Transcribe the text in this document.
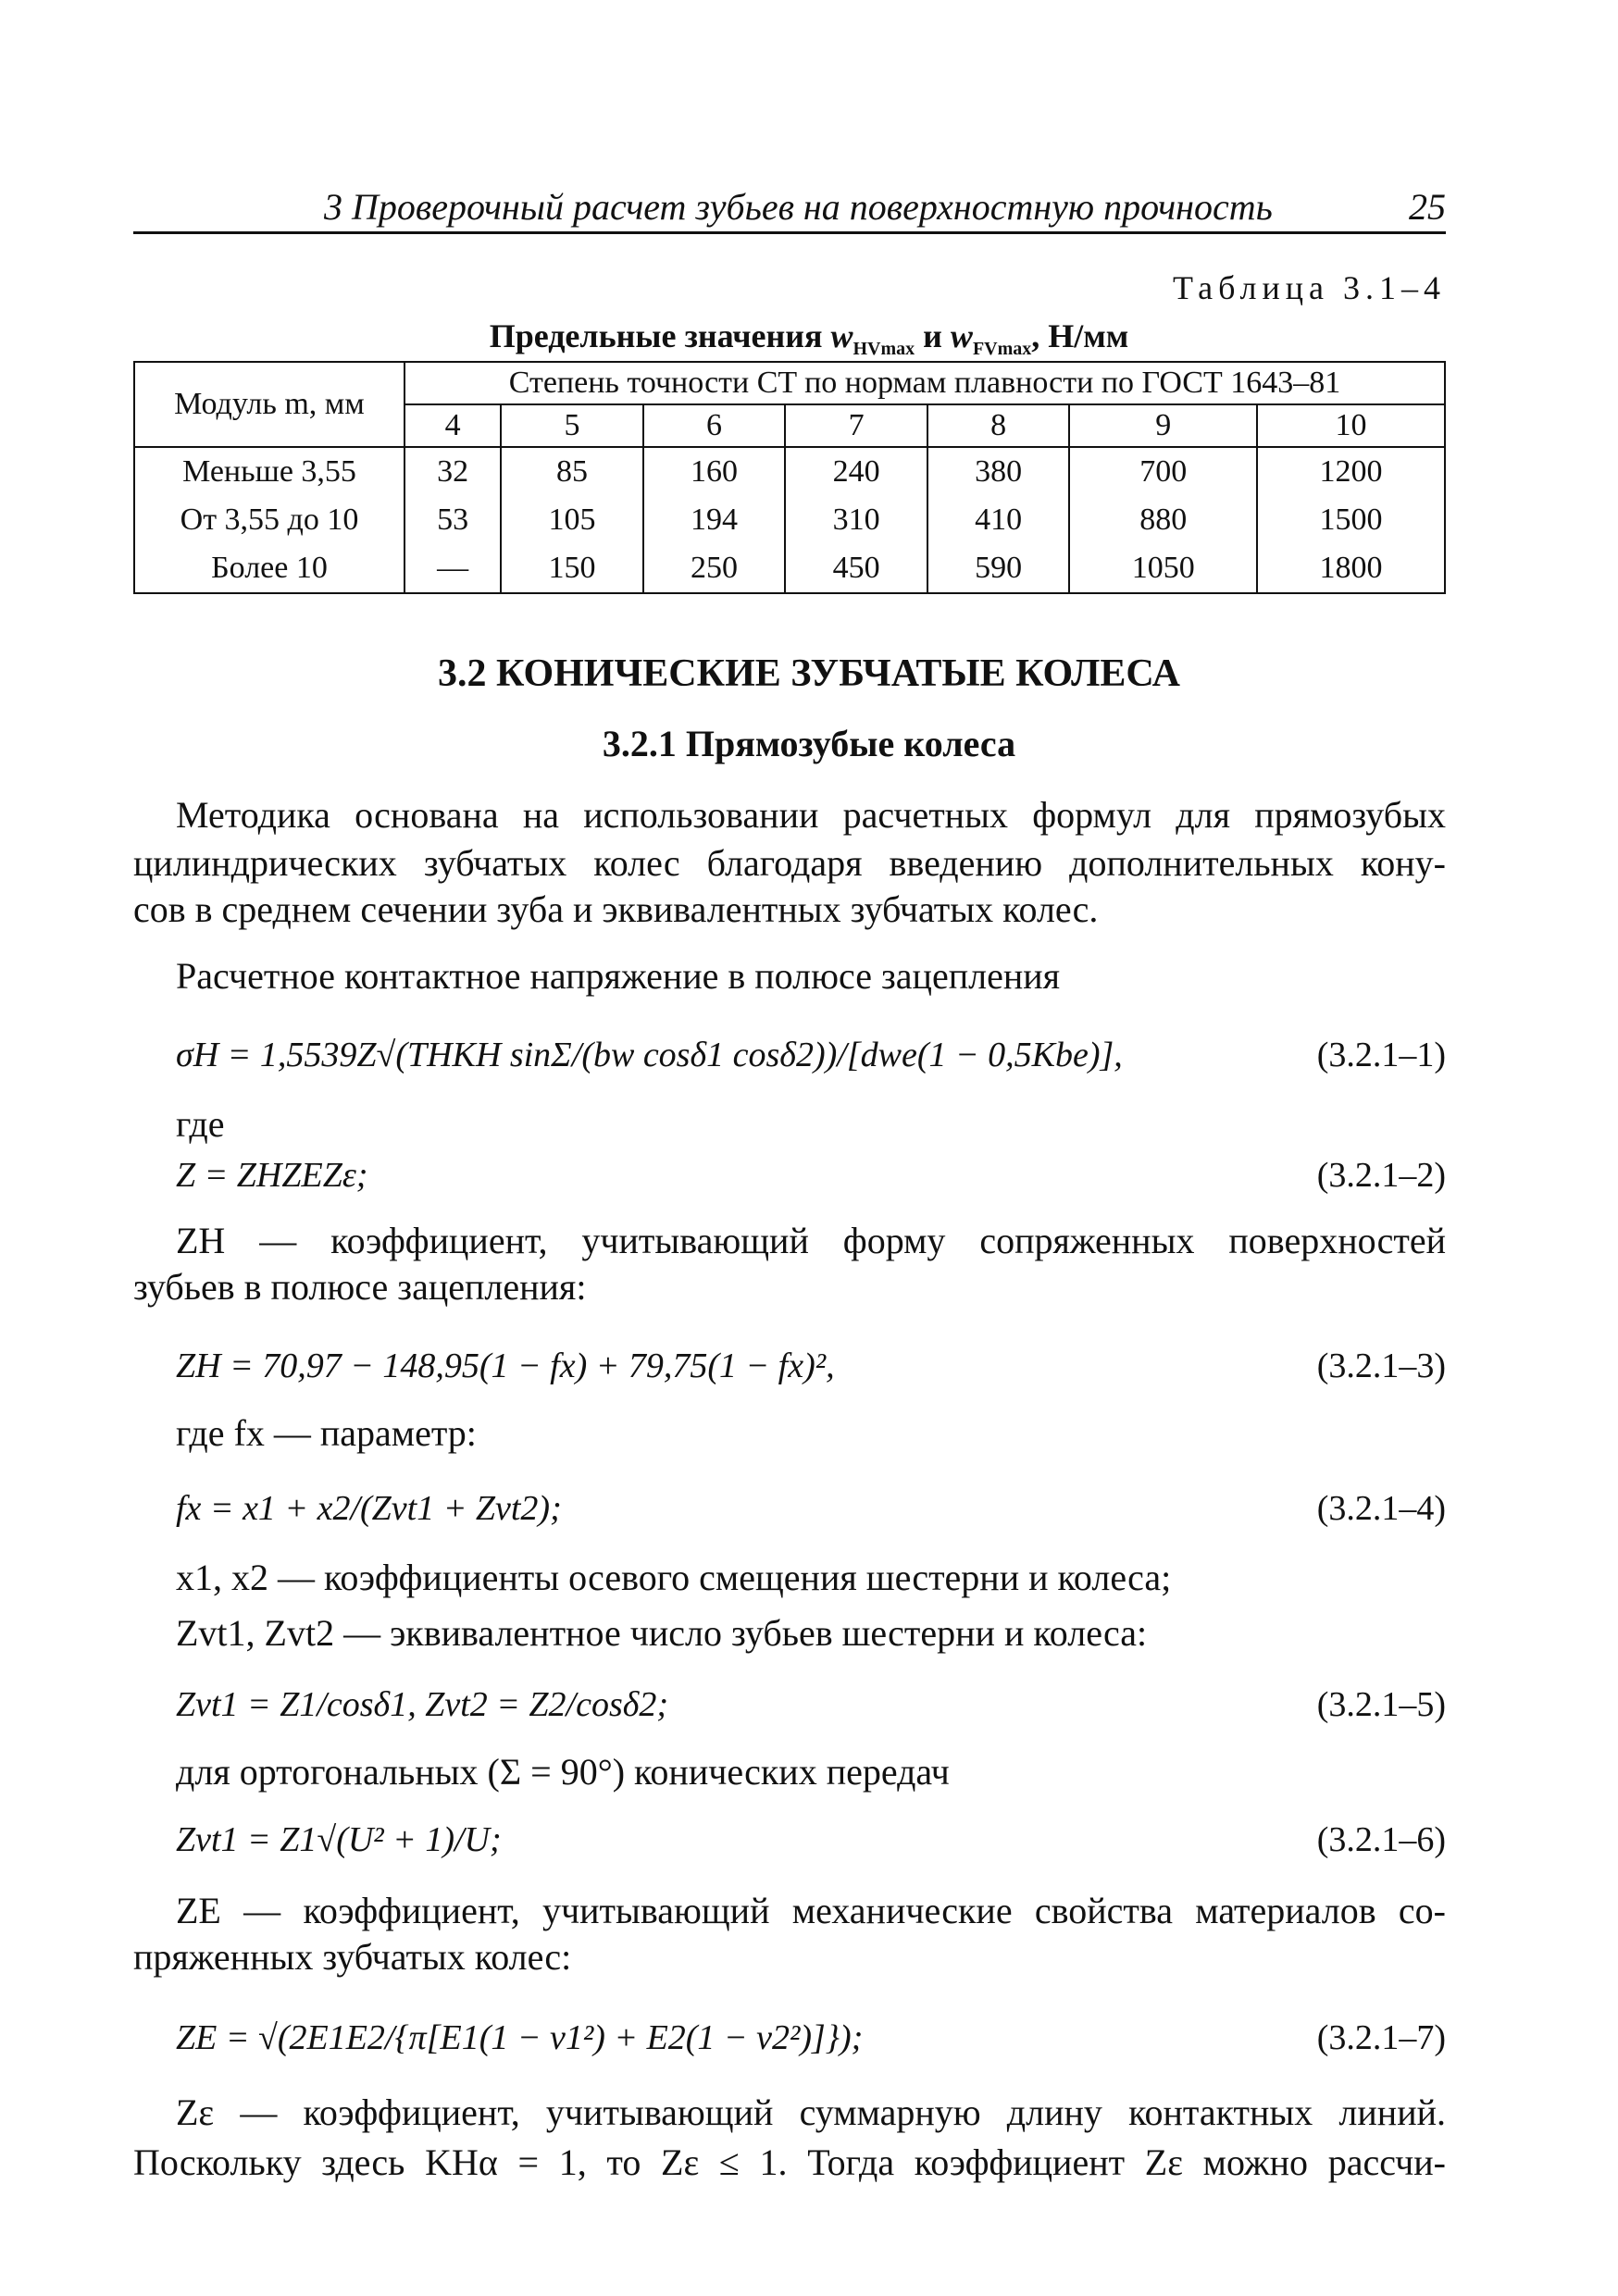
3 Проверочный расчет зубьев на поверхностную прочность	25
Таблица 3.1–4
Предельные значения $w_{HVmax}$ и $w_{FVmax}$, Н/мм
Модуль m, мм	Степень точности CT по нормам плавности по ГОСТ 1643–81						
	4	5	6	7	8	9	10
Меньше 3,55	32	85	160	240	380	700	1200
От 3,55 до 10	53	105	194	310	410	880	1500
Более 10	—	150	250	450	590	1050	1800
3.2 КОНИЧЕСКИЕ ЗУБЧАТЫЕ КОЛЕСА
3.2.1 Прямозубые колеса
Методика основана на использовании расчетных формул для прямозубых
цилиндрических зубчатых колес благодаря введению дополнительных кону-
сов в среднем сечении зуба и эквивалентных зубчатых колес.
Расчетное контактное напряжение в полюсе зацепления
σH = 1,5539Z√(THKH sinΣ/(bw cosδ1 cosδ2))/[dwe(1 − 0,5Kbe)],	(3.2.1–1)
где
Z = ZHZEZε;	(3.2.1–2)
ZH — коэффициент, учитывающий форму сопряженных поверхностей
зубьев в полюсе зацепления:
ZH = 70,97 − 148,95(1 − fx) + 79,75(1 − fx)²,	(3.2.1–3)
где fx — параметр:
fx = x1 + x2/(Zvt1 + Zvt2);	(3.2.1–4)
x1, x2 — коэффициенты осевого смещения шестерни и колеса;
Zvt1, Zvt2 — эквивалентное число зубьев шестерни и колеса:
Zvt1 = Z1/cosδ1, Zvt2 = Z2/cosδ2;	(3.2.1–5)
для ортогональных (Σ = 90°) конических передач
Zvt1 = Z1√(U² + 1)/U;	(3.2.1–6)
ZE — коэффициент, учитывающий механические свойства материалов со-
пряженных зубчатых колес:
ZE = √(2E1E2/{π[E1(1 − ν1²) + E2(1 − ν2²)]});	(3.2.1–7)
Zε — коэффициент, учитывающий суммарную длину контактных линий.
Поскольку здесь KHα = 1, то Zε ≤ 1. Тогда коэффициент Zε можно рассчи-
